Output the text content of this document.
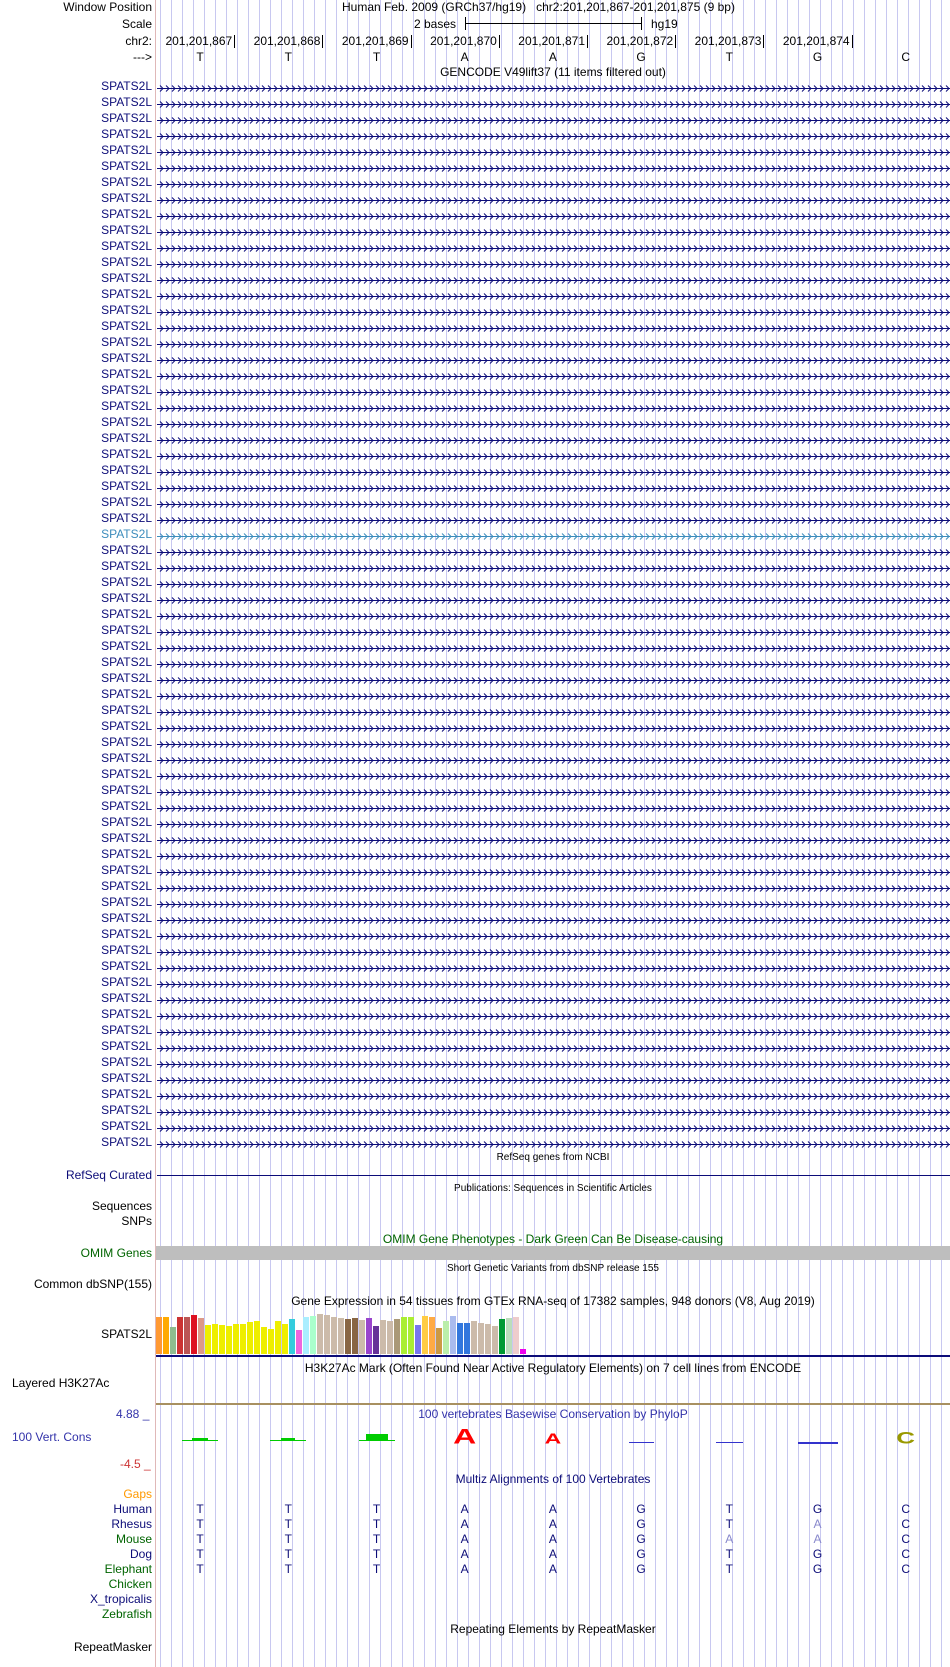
Window Position	Human Feb. 2009 (GRCh37/hg19) chr2:201,201,867-201,201,875 (9 bp)
Scale	2 bases	hg19
chr2:	201,201,867	201,201,868	201,201,869	201,201,870	201,201,871	201,201,872	201,201,873	201,201,874
--->	T	T	T	A	A	G	T	G	C
GENCODE V49lift37 (11 items filtered out)
SPATS2L
SPATS2L
SPATS2L
SPATS2L
SPATS2L
SPATS2L
SPATS2L
SPATS2L
SPATS2L
SPATS2L
SPATS2L
SPATS2L
SPATS2L
SPATS2L
SPATS2L
SPATS2L
SPATS2L
SPATS2L
SPATS2L
SPATS2L
SPATS2L
SPATS2L
SPATS2L
SPATS2L
SPATS2L
SPATS2L
SPATS2L
SPATS2L
SPATS2L
SPATS2L
SPATS2L
SPATS2L
SPATS2L
SPATS2L
SPATS2L
SPATS2L
SPATS2L
SPATS2L
SPATS2L
SPATS2L
SPATS2L
SPATS2L
SPATS2L
SPATS2L
SPATS2L
SPATS2L
SPATS2L
SPATS2L
SPATS2L
SPATS2L
SPATS2L
SPATS2L
SPATS2L
SPATS2L
SPATS2L
SPATS2L
SPATS2L
SPATS2L
SPATS2L
SPATS2L
SPATS2L
SPATS2L
SPATS2L
SPATS2L
SPATS2L
SPATS2L
SPATS2L
RefSeq genes from NCBI
RefSeq Curated
Publications: Sequences in Scientific Articles
Sequences
SNPs
OMIM Gene Phenotypes - Dark Green Can Be Disease-causing
OMIM Genes
Short Genetic Variants from dbSNP release 155
Common dbSNP(155)
Gene Expression in 54 tissues from GTEx RNA-seq of 17382 samples, 948 donors (V8, Aug 2019)
SPATS2L
H3K27Ac Mark (Often Found Near Active Regulatory Elements) on 7 cell lines from ENCODE
Layered H3K27Ac
100 vertebrates Basewise Conservation by PhyloP
4.88 _
100 Vert. Cons
-4.5 _
A	A	C
Multiz Alignments of 100 Vertebrates
Gaps
Human	T	T	T	A	A	G	T	G	C
Rhesus	T	T	T	A	A	G	T	A	C
Mouse	T	T	T	A	A	G	A	A	C
Dog	T	T	T	A	A	G	T	G	C
Elephant	T	T	T	A	A	G	T	G	C
Chicken
X_tropicalis
Zebrafish
Repeating Elements by RepeatMasker
RepeatMasker
